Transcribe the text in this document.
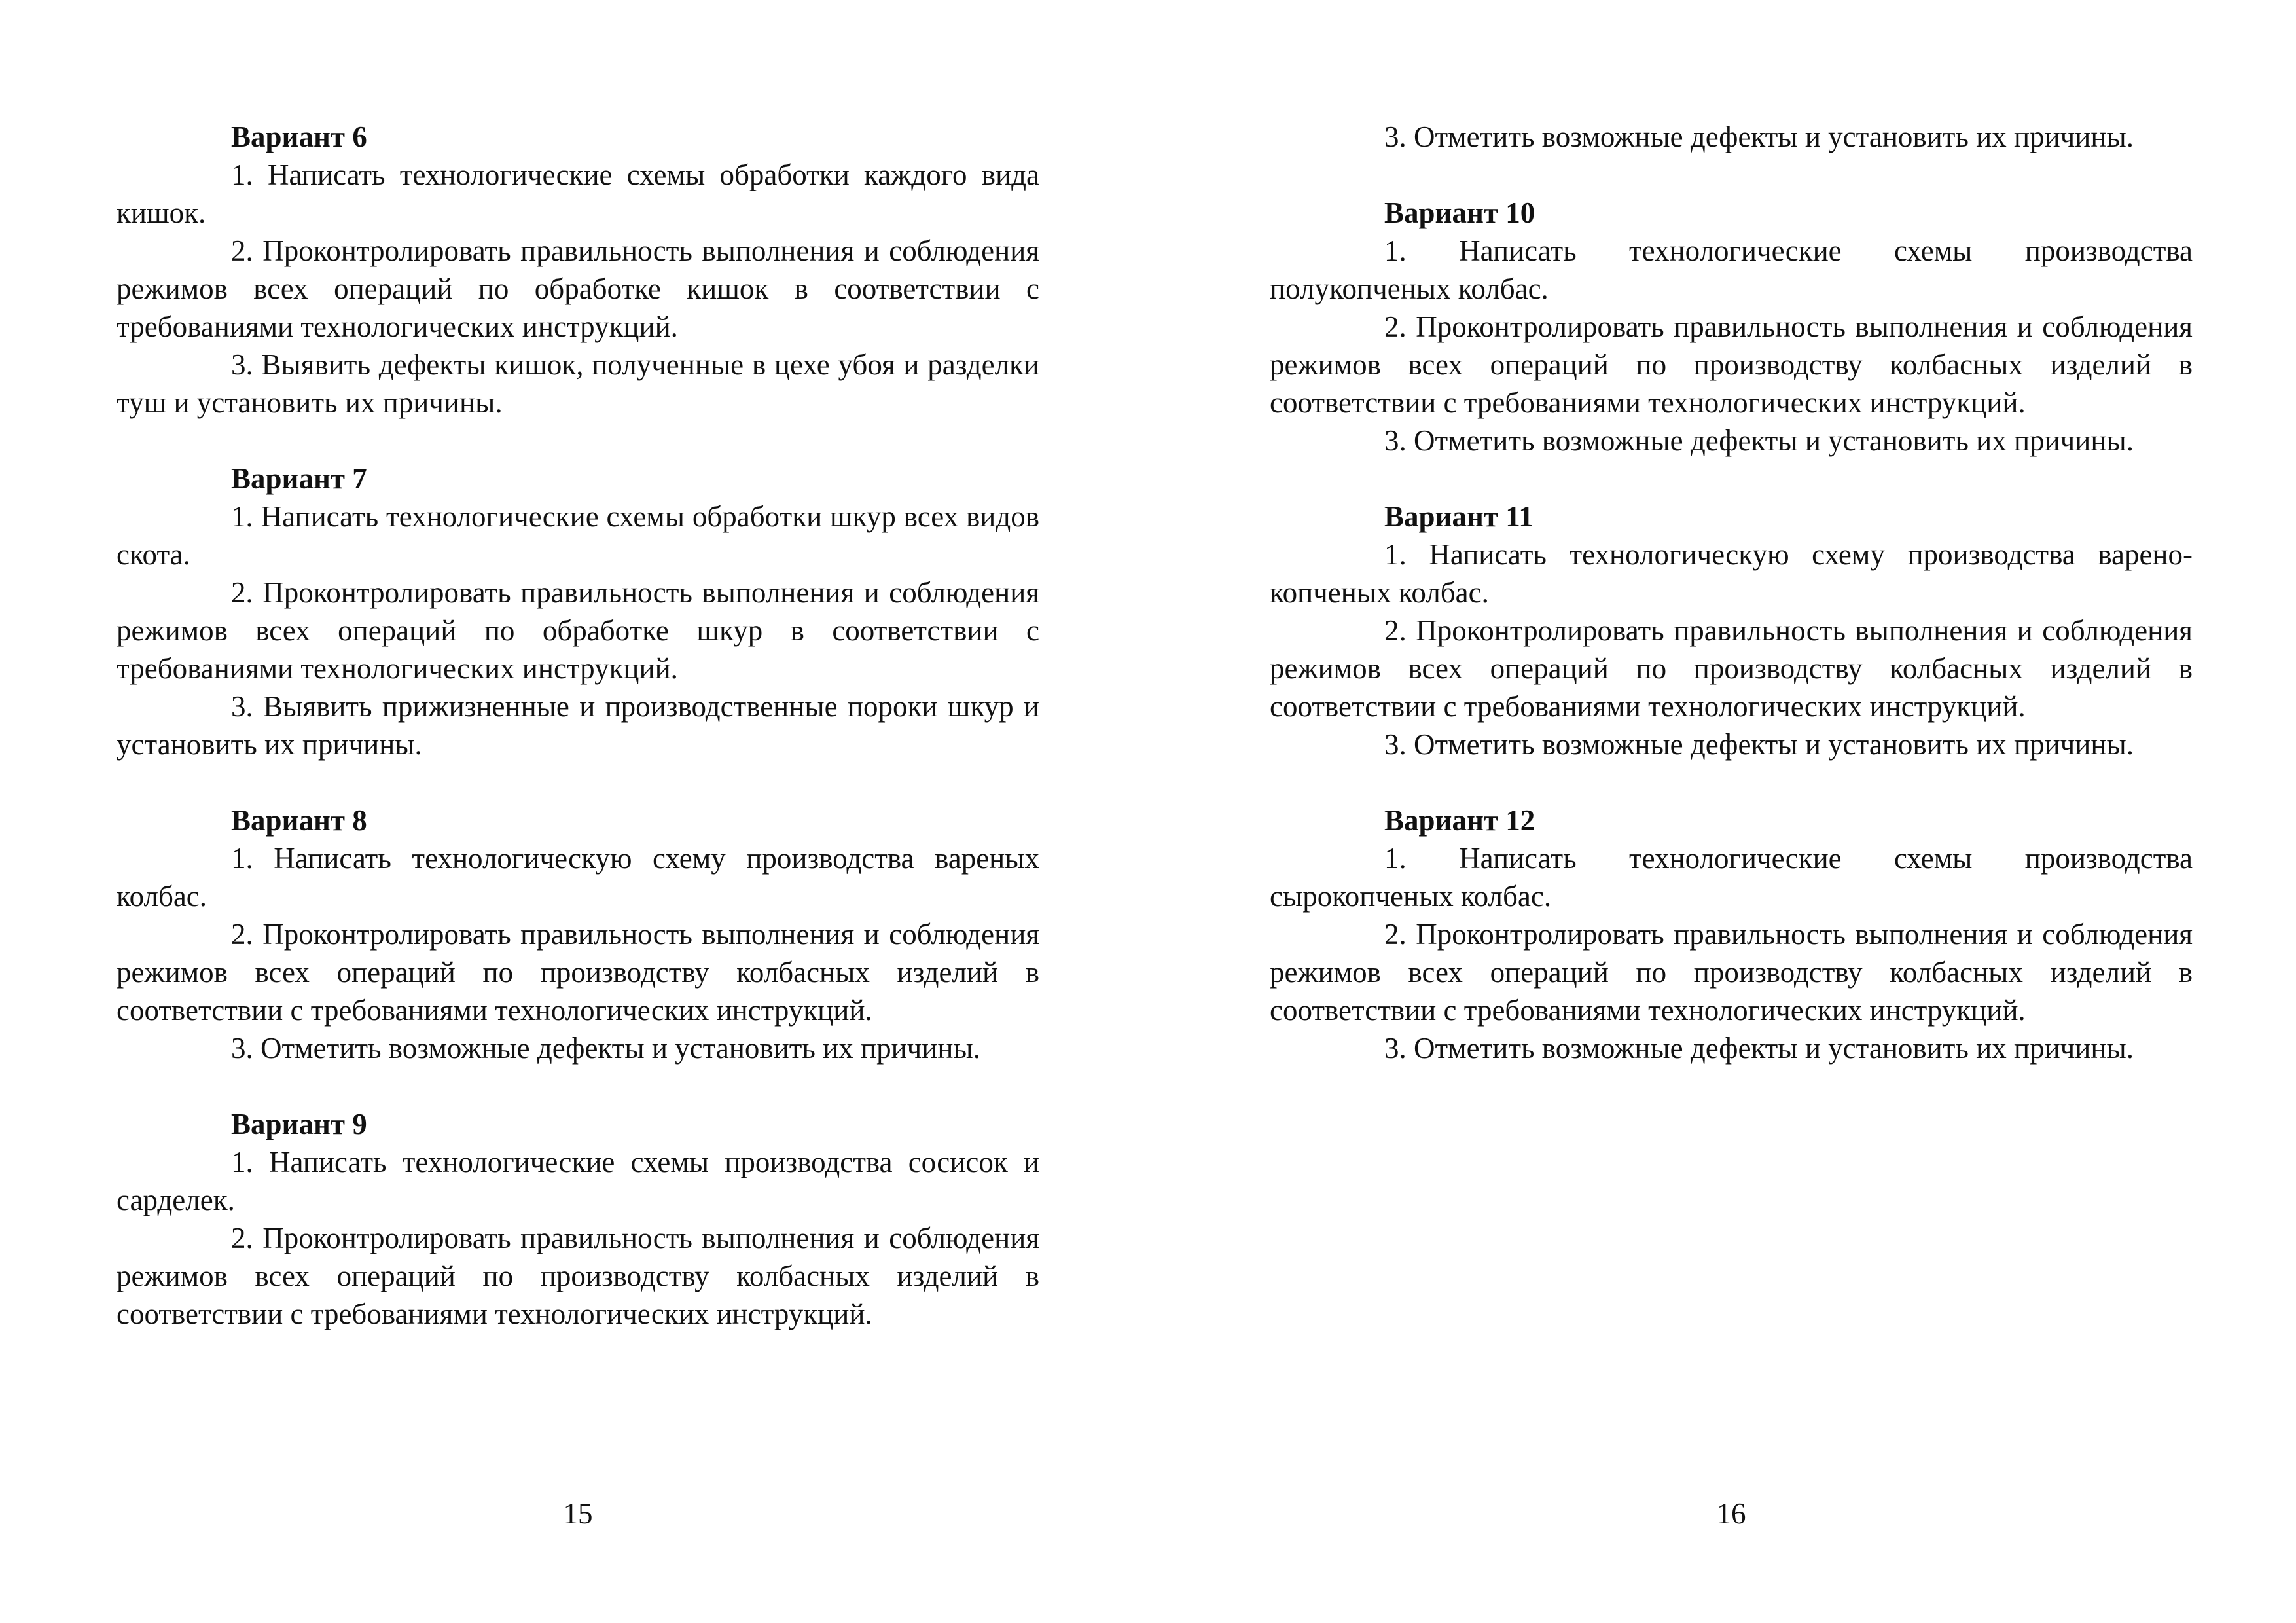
Вариант 6

1. Написать технологические схемы обработки каждого вида кишок.

2. Проконтролировать правильность выполнения и соблюдения режимов всех операций по обработке кишок в соответствии с требованиями технологических инструкций.

3. Выявить дефекты кишок, полученные в цехе убоя и разделки туш и установить их причины.

Вариант 7

1. Написать технологические схемы обработки шкур всех видов скота.

2. Проконтролировать правильность выполнения и соблюдения режимов всех операций по обработке шкур в соответствии с требованиями технологических инструкций.

3. Выявить прижизненные и производственные пороки шкур и установить их причины.

Вариант 8

1. Написать технологическую схему производства вареных колбас.

2. Проконтролировать правильность выполнения и соблюдения режимов всех операций по производству колбасных изделий в соответствии с требованиями технологических инструкций.

3. Отметить возможные дефекты и установить их причины.

Вариант 9

1. Написать технологические схемы производства сосисок и сарделек.

2. Проконтролировать правильность выполнения и соблюдения режимов всех операций по производству колбасных изделий в соответствии с требованиями технологических инструкций.

15

3. Отметить возможные дефекты и установить их причины.

Вариант 10

1. Написать технологические схемы производства полукопченых колбас.

2. Проконтролировать правильность выполнения и соблюдения режимов всех операций по производству колбасных изделий в соответствии с требованиями технологических инструкций.

3. Отметить возможные дефекты и установить их причины.

Вариант 11

1. Написать технологическую схему производства варено-копченых колбас.

2. Проконтролировать правильность выполнения и соблюдения режимов всех операций по производству колбасных изделий в соответствии с требованиями технологических инструкций.

3. Отметить возможные дефекты и установить их причины.

Вариант 12

1. Написать технологические схемы производства сырокопченых колбас.

2. Проконтролировать правильность выполнения и соблюдения режимов всех операций по производству колбасных изделий в соответствии с требованиями технологических инструкций.

3. Отметить возможные дефекты и установить их причины.

16
